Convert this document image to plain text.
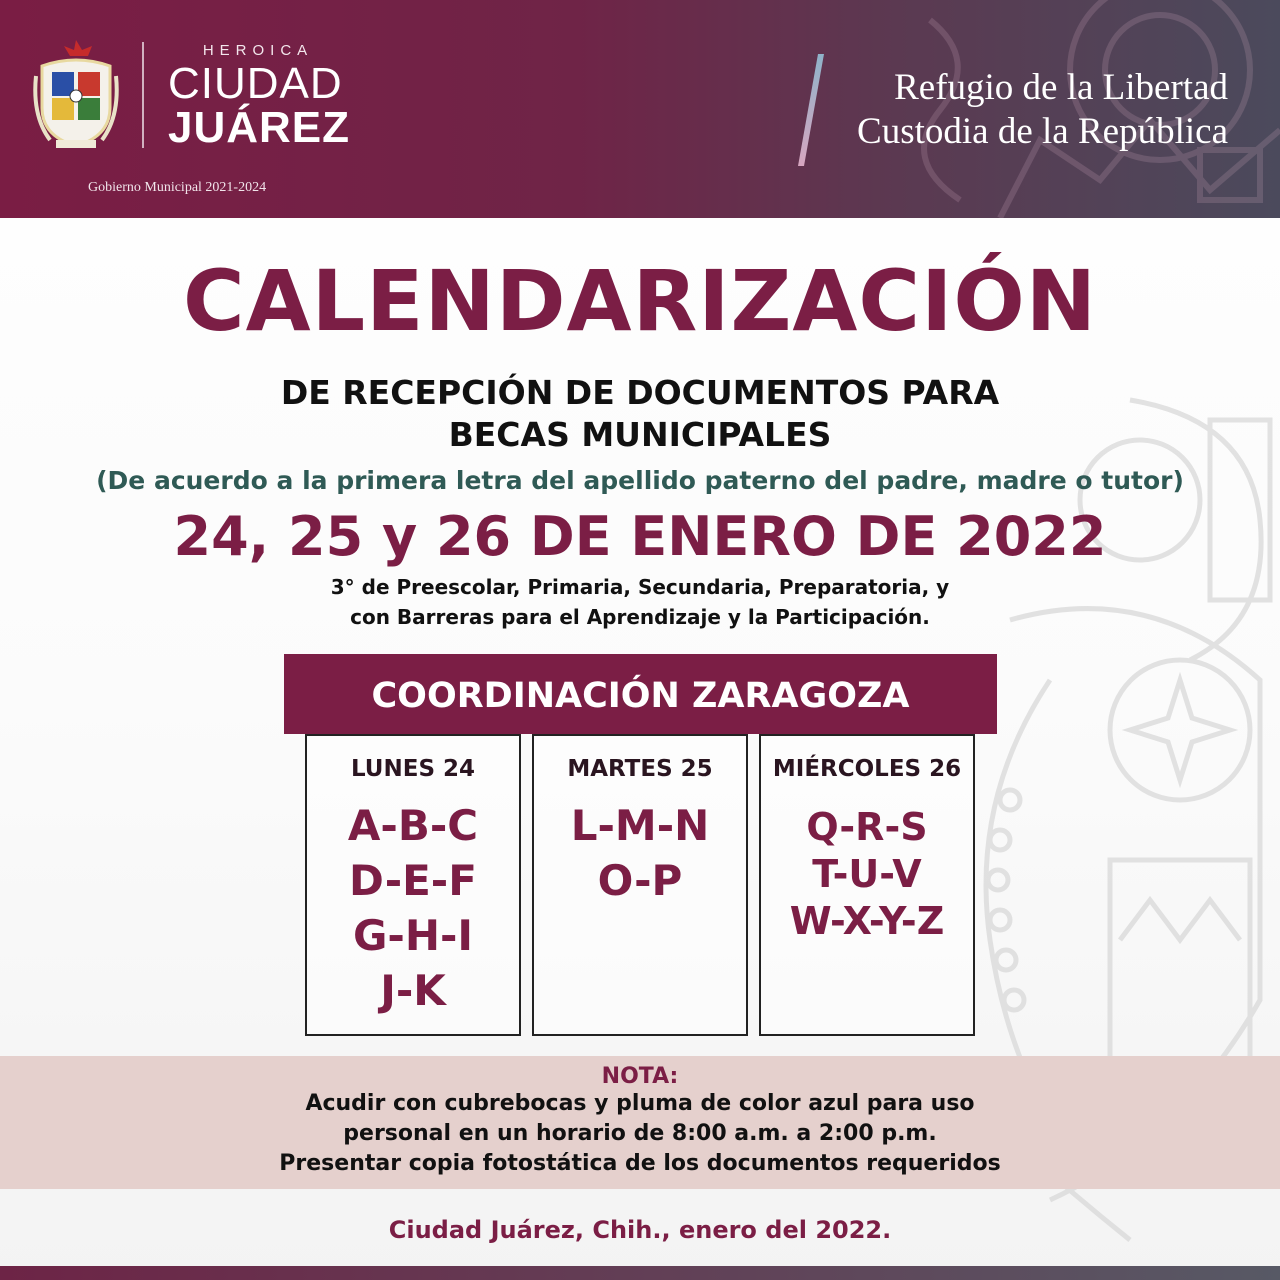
HEROICA
CIUDAD
JUÁREZ
Gobierno Municipal 2021-2024
Refugio de la Libertad
Custodia de la República
CALENDARIZACIÓN
DE RECEPCIÓN DE DOCUMENTOS PARA
BECAS MUNICIPALES
(De acuerdo a la primera letra del apellido paterno del padre, madre o tutor)
24, 25 y 26 DE ENERO DE 2022
3° de Preescolar, Primaria, Secundaria, Preparatoria, y
con Barreras para el Aprendizaje y la Participación.
COORDINACIÓN ZARAGOZA
LUNES 24
A-B-C
D-E-F
G-H-I
J-K
MARTES 25
L-M-N
O-P
MIÉRCOLES 26
Q-R-S
T-U-V
W-X-Y-Z
NOTA:
Acudir con cubrebocas y pluma de color azul para uso
personal en un horario de 8:00 a.m. a 2:00 p.m.
Presentar copia fotostática de los documentos requeridos
Ciudad Juárez, Chih., enero del 2022.
